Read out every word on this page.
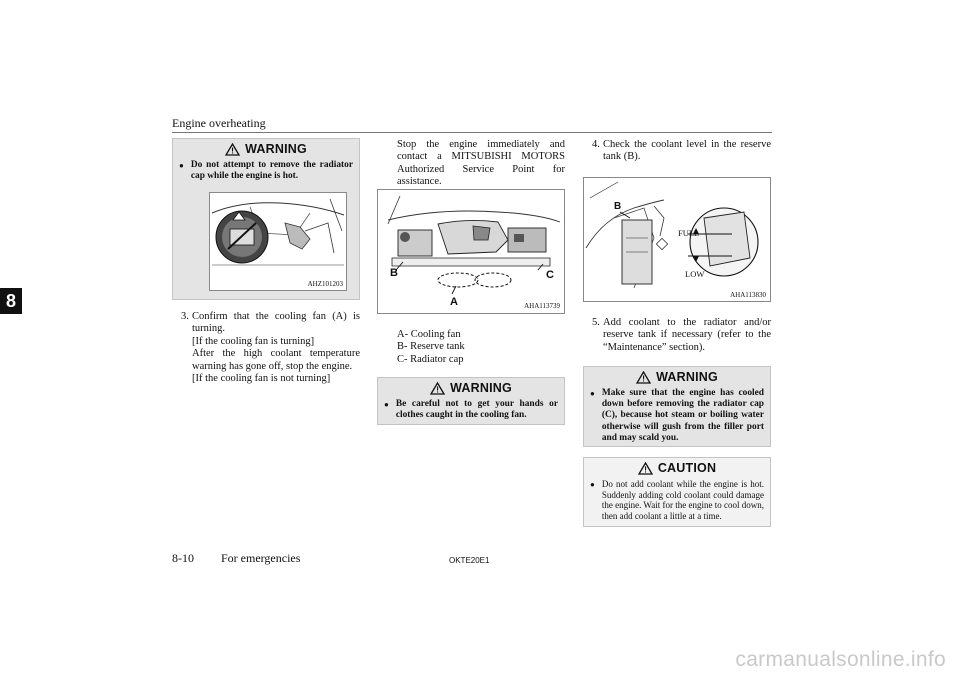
Engine overheating
8
WARNING
● Do not attempt to remove the radiator cap while the engine is hot.
AHZ101203
3. Confirm that the cooling fan (A) is turning.
[If the cooling fan is turning]
After the high coolant temperature warning has gone off, stop the engine.
[If the cooling fan is not turning]
Stop the engine immediately and contact a MITSUBISHI MOTORS Authorized Service Point for assistance.
B	C
A	AHA113739
A- Cooling fan
B- Reserve tank
C- Radiator cap
WARNING
● Be careful not to get your hands or clothes caught in the cooling fan.
4. Check the coolant level in the reserve tank (B).
B
FULL
LOW
AHA113830
5. Add coolant to the radiator and/or reserve tank if necessary (refer to the “Maintenance” section).
WARNING
● Make sure that the engine has cooled down before removing the radiator cap (C), because hot steam or boiling water otherwise will gush from the filler port and may scald you.
CAUTION
● Do not add coolant while the engine is hot. Suddenly adding cold coolant could damage the engine. Wait for the engine to cool down, then add coolant a little at a time.
8-10 For emergencies	OKTE20E1
carmanualsonline.info
